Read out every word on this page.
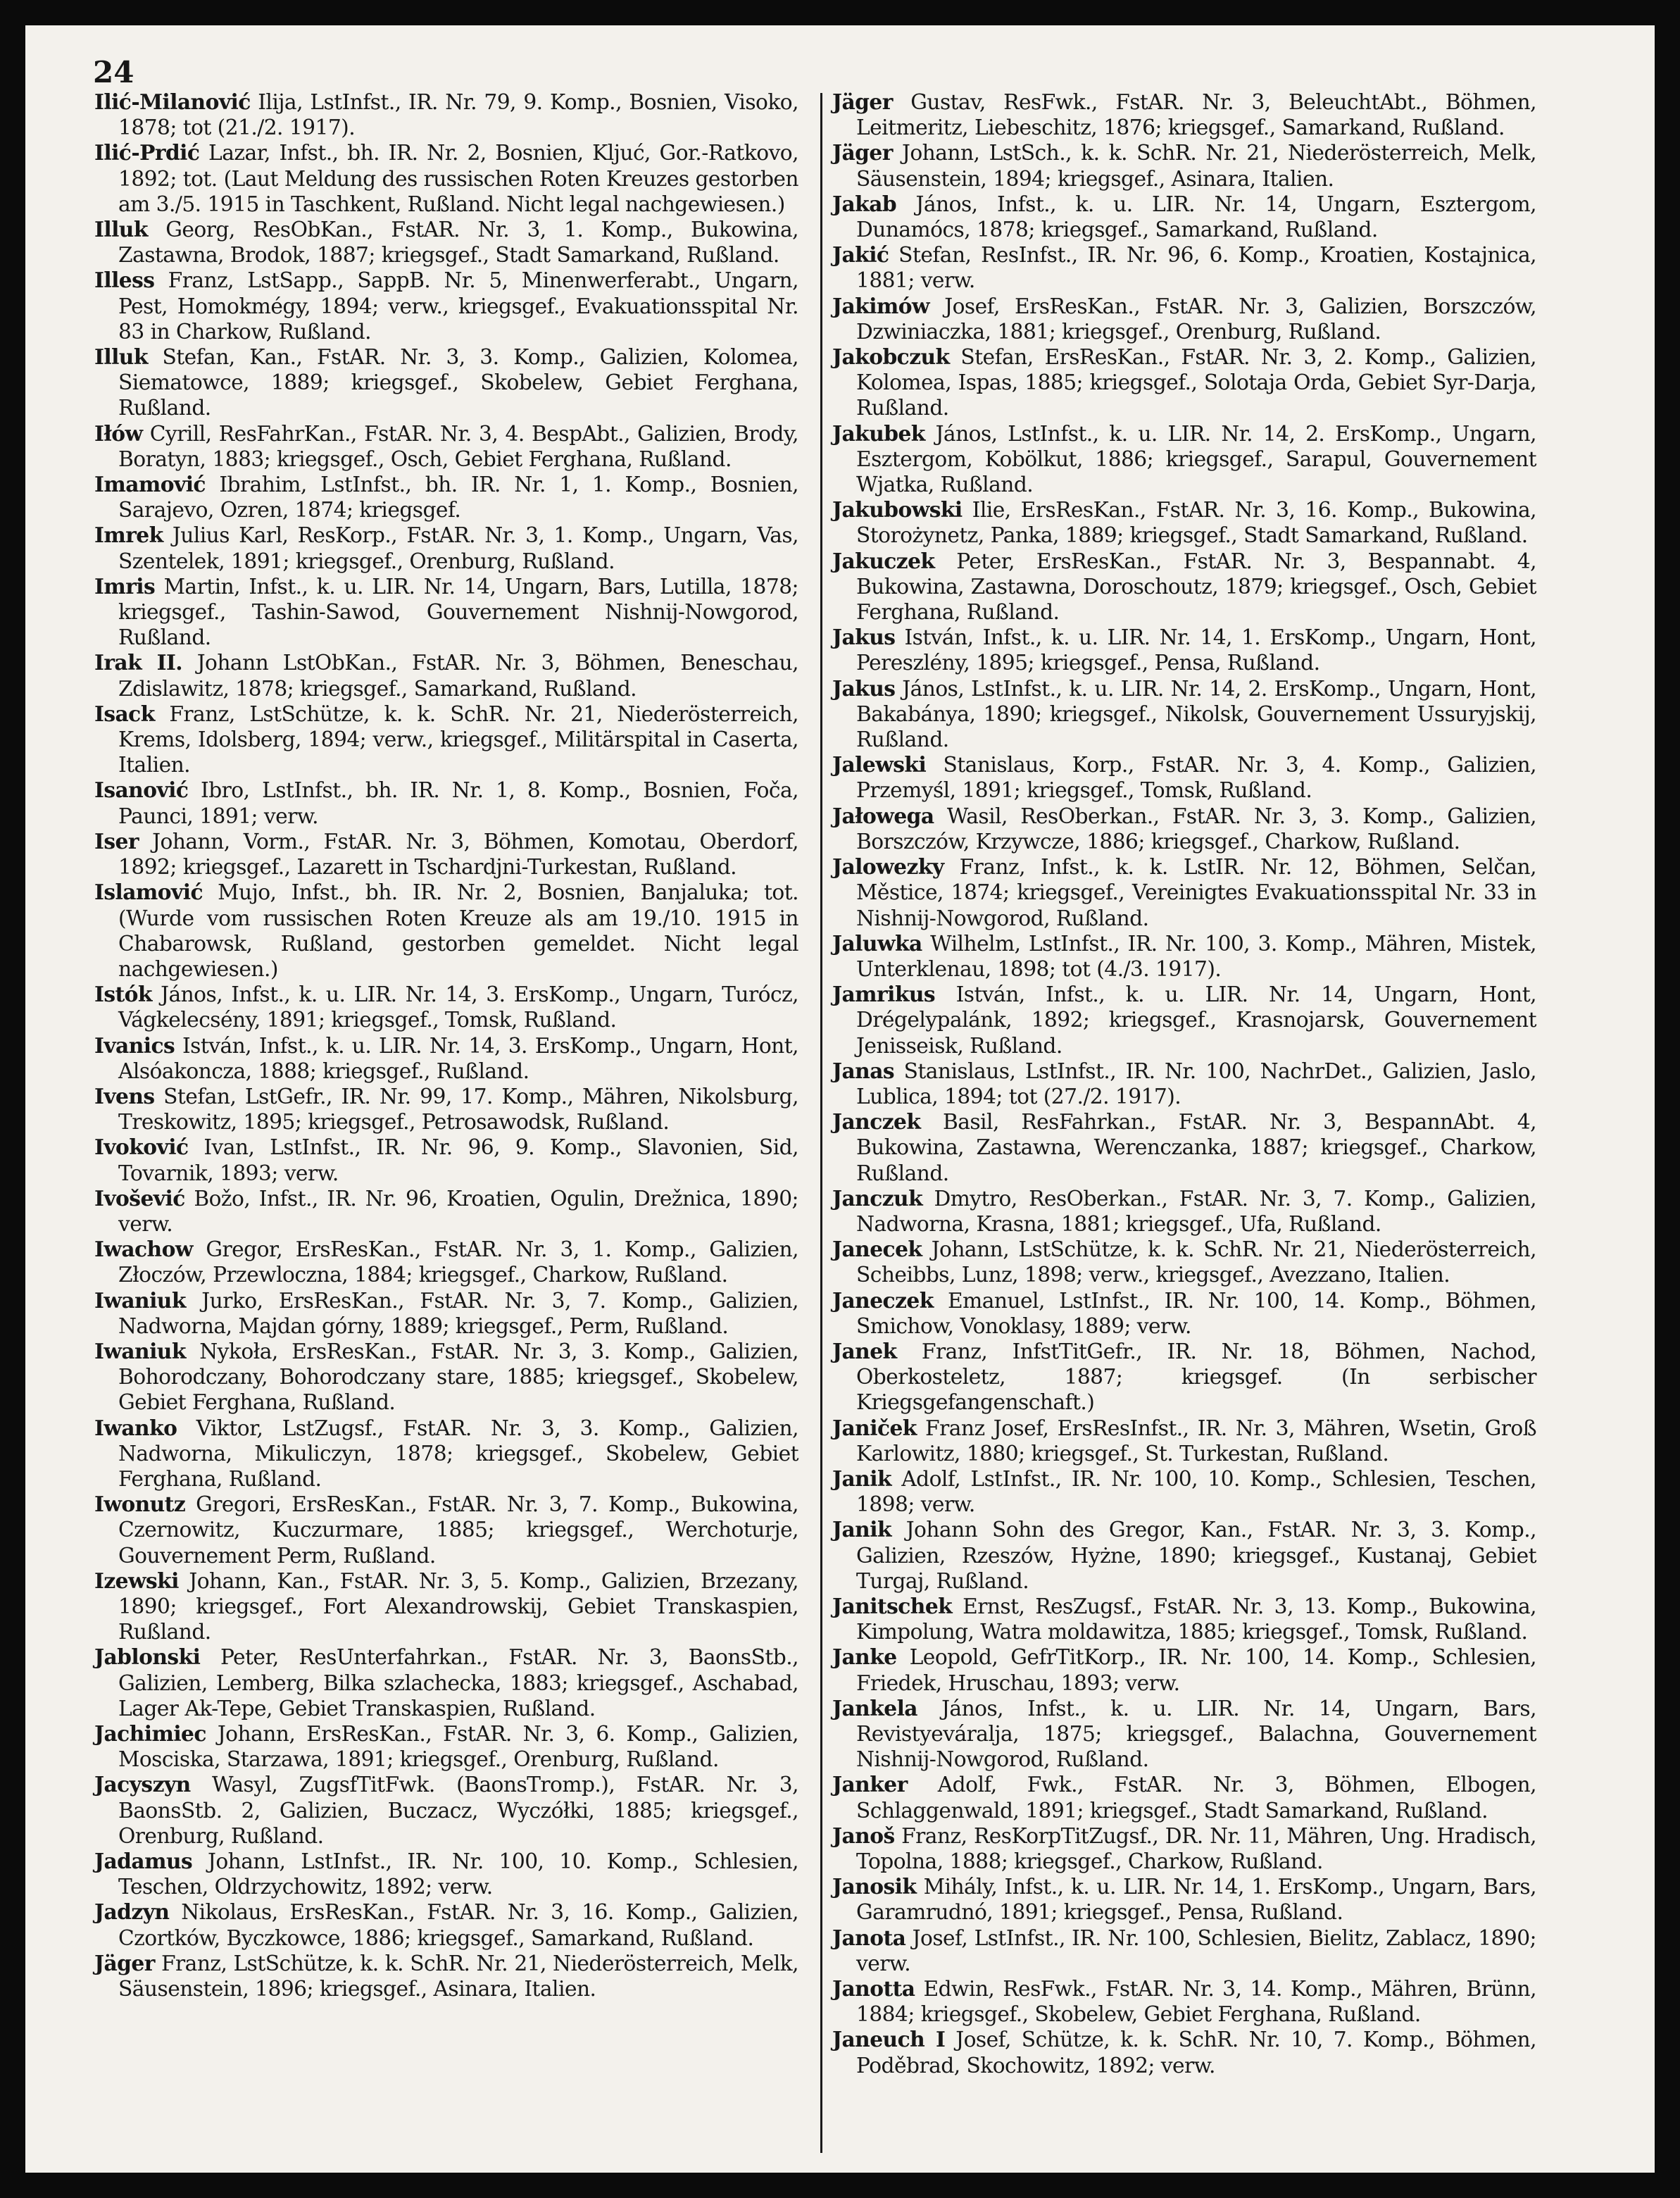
24

Ilić-Milanović Ilija, LstInfst., IR. Nr. 79, 9. Komp., Bosnien, Visoko, 1878; tot (21./2. 1917).

Ilić-Prdić Lazar, Infst., bh. IR. Nr. 2, Bosnien, Kljuć, Gor.-Ratkovo, 1892; tot. (Laut Meldung des russischen Roten Kreuzes gestorben am 3./5. 1915 in Taschkent, Rußland. Nicht legal nachgewiesen.)

Illuk Georg, ResObKan., FstAR. Nr. 3, 1. Komp., Bukowina, Zastawna, Brodok, 1887; kriegsgef., Stadt Samarkand, Rußland.

Illess Franz, LstSapp., SappB. Nr. 5, Minenwerferabt., Ungarn, Pest, Homokmégy, 1894; verw., kriegsgef., Evakuationsspital Nr. 83 in Charkow, Rußland.

Illuk Stefan, Kan., FstAR. Nr. 3, 3. Komp., Galizien, Kolomea, Siematowce, 1889; kriegsgef., Skobelew, Gebiet Ferghana, Rußland.

Iłów Cyrill, ResFahrKan., FstAR. Nr. 3, 4. BespAbt., Galizien, Brody, Boratyn, 1883; kriegsgef., Osch, Gebiet Ferghana, Rußland.

Imamović Ibrahim, LstInfst., bh. IR. Nr. 1, 1. Komp., Bosnien, Sarajevo, Ozren, 1874; kriegsgef.

Imrek Julius Karl, ResKorp., FstAR. Nr. 3, 1. Komp., Ungarn, Vas, Szentelek, 1891; kriegsgef., Orenburg, Rußland.

Imris Martin, Infst., k. u. LIR. Nr. 14, Ungarn, Bars, Lutilla, 1878; kriegsgef., Tashin-Sawod, Gouvernement Nishnij-Nowgorod, Rußland.

Irak II. Johann LstObKan., FstAR. Nr. 3, Böhmen, Beneschau, Zdislawitz, 1878; kriegsgef., Samarkand, Rußland.

Isack Franz, LstSchütze, k. k. SchR. Nr. 21, Niederösterreich, Krems, Idolsberg, 1894; verw., kriegsgef., Militärspital in Caserta, Italien.

Isanović Ibro, LstInfst., bh. IR. Nr. 1, 8. Komp., Bosnien, Foča, Paunci, 1891; verw.

Iser Johann, Vorm., FstAR. Nr. 3, Böhmen, Komotau, Oberdorf, 1892; kriegsgef., Lazarett in Tschardjni-Turkestan, Rußland.

Islamović Mujo, Infst., bh. IR. Nr. 2, Bosnien, Banjaluka; tot. (Wurde vom russischen Roten Kreuze als am 19./10. 1915 in Chabarowsk, Rußland, gestorben gemeldet. Nicht legal nachgewiesen.)

Istók János, Infst., k. u. LIR. Nr. 14, 3. ErsKomp., Ungarn, Turócz, Vágkelecsény, 1891; kriegsgef., Tomsk, Rußland.

Ivanics István, Infst., k. u. LIR. Nr. 14, 3. ErsKomp., Ungarn, Hont, Alsóakoncza, 1888; kriegsgef., Rußland.

Ivens Stefan, LstGefr., IR. Nr. 99, 17. Komp., Mähren, Nikolsburg, Treskowitz, 1895; kriegsgef., Petrosawodsk, Rußland.

Ivoković Ivan, LstInfst., IR. Nr. 96, 9. Komp., Slavonien, Sid, Tovarnik, 1893; verw.

Ivošević Božo, Infst., IR. Nr. 96, Kroatien, Ogulin, Drežnica, 1890; verw.

Iwachow Gregor, ErsResKan., FstAR. Nr. 3, 1. Komp., Galizien, Złoczów, Przewloczna, 1884; kriegsgef., Charkow, Rußland.

Iwaniuk Jurko, ErsResKan., FstAR. Nr. 3, 7. Komp., Galizien, Nadworna, Majdan górny, 1889; kriegsgef., Perm, Rußland.

Iwaniuk Nykoła, ErsResKan., FstAR. Nr. 3, 3. Komp., Galizien, Bohorodczany, Bohorodczany stare, 1885; kriegsgef., Skobelew, Gebiet Ferghana, Rußland.

Iwanko Viktor, LstZugsf., FstAR. Nr. 3, 3. Komp., Galizien, Nadworna, Mikuliczyn, 1878; kriegsgef., Skobelew, Gebiet Ferghana, Rußland.

Iwonutz Gregori, ErsResKan., FstAR. Nr. 3, 7. Komp., Bukowina, Czernowitz, Kuczurmare, 1885; kriegsgef., Werchoturje, Gouvernement Perm, Rußland.

Izewski Johann, Kan., FstAR. Nr. 3, 5. Komp., Galizien, Brzezany, 1890; kriegsgef., Fort Alexandrowskij, Gebiet Transkaspien, Rußland.

Jablonski Peter, ResUnterfahrkan., FstAR. Nr. 3, BaonsStb., Galizien, Lemberg, Bilka szlachecka, 1883; kriegsgef., Aschabad, Lager Ak-Tepe, Gebiet Transkaspien, Rußland.

Jachimiec Johann, ErsResKan., FstAR. Nr. 3, 6. Komp., Galizien, Mosciska, Starzawa, 1891; kriegsgef., Orenburg, Rußland.

Jacyszyn Wasyl, ZugsfTitFwk. (BaonsTromp.), FstAR. Nr. 3, BaonsStb. 2, Galizien, Buczacz, Wyczółki, 1885; kriegsgef., Orenburg, Rußland.

Jadamus Johann, LstInfst., IR. Nr. 100, 10. Komp., Schlesien, Teschen, Oldrzychowitz, 1892; verw.

Jadzyn Nikolaus, ErsResKan., FstAR. Nr. 3, 16. Komp., Galizien, Czortków, Byczkowce, 1886; kriegsgef., Samarkand, Rußland.

Jäger Franz, LstSchütze, k. k. SchR. Nr. 21, Niederösterreich, Melk, Säusenstein, 1896; kriegsgef., Asinara, Italien.

Jäger Gustav, ResFwk., FstAR. Nr. 3, BeleuchtAbt., Böhmen, Leitmeritz, Liebeschitz, 1876; kriegsgef., Samarkand, Rußland.

Jäger Johann, LstSch., k. k. SchR. Nr. 21, Niederösterreich, Melk, Säusenstein, 1894; kriegsgef., Asinara, Italien.

Jakab János, Infst., k. u. LIR. Nr. 14, Ungarn, Esztergom, Dunamócs, 1878; kriegsgef., Samarkand, Rußland.

Jakić Stefan, ResInfst., IR. Nr. 96, 6. Komp., Kroatien, Kostajnica, 1881; verw.

Jakimów Josef, ErsResKan., FstAR. Nr. 3, Galizien, Borszczów, Dzwiniaczka, 1881; kriegsgef., Orenburg, Rußland.

Jakobczuk Stefan, ErsResKan., FstAR. Nr. 3, 2. Komp., Galizien, Kolomea, Ispas, 1885; kriegsgef., Solotaja Orda, Gebiet Syr-Darja, Rußland.

Jakubek János, LstInfst., k. u. LIR. Nr. 14, 2. ErsKomp., Ungarn, Esztergom, Kobölkut, 1886; kriegsgef., Sarapul, Gouvernement Wjatka, Rußland.

Jakubowski Ilie, ErsResKan., FstAR. Nr. 3, 16. Komp., Bukowina, Storożynetz, Panka, 1889; kriegsgef., Stadt Samarkand, Rußland.

Jakuczek Peter, ErsResKan., FstAR. Nr. 3, Bespannabt. 4, Bukowina, Zastawna, Doroschoutz, 1879; kriegsgef., Osch, Gebiet Ferghana, Rußland.

Jakus István, Infst., k. u. LIR. Nr. 14, 1. ErsKomp., Ungarn, Hont, Pereszlény, 1895; kriegsgef., Pensa, Rußland.

Jakus János, LstInfst., k. u. LIR. Nr. 14, 2. ErsKomp., Ungarn, Hont, Bakabánya, 1890; kriegsgef., Nikolsk, Gouvernement Ussuryjskij, Rußland.

Jalewski Stanislaus, Korp., FstAR. Nr. 3, 4. Komp., Galizien, Przemyśl, 1891; kriegsgef., Tomsk, Rußland.

Jałowega Wasil, ResOberkan., FstAR. Nr. 3, 3. Komp., Galizien, Borszczów, Krzywcze, 1886; kriegsgef., Charkow, Rußland.

Jalowezky Franz, Infst., k. k. LstIR. Nr. 12, Böhmen, Selčan, Městice, 1874; kriegsgef., Vereinigtes Evakuationsspital Nr. 33 in Nishnij-Nowgorod, Rußland.

Jaluwka Wilhelm, LstInfst., IR. Nr. 100, 3. Komp., Mähren, Mistek, Unterklenau, 1898; tot (4./3. 1917).

Jamrikus István, Infst., k. u. LIR. Nr. 14, Ungarn, Hont, Drégelypalánk, 1892; kriegsgef., Krasnojarsk, Gouvernement Jenisseisk, Rußland.

Janas Stanislaus, LstInfst., IR. Nr. 100, NachrDet., Galizien, Jaslo, Lublica, 1894; tot (27./2. 1917).

Janczek Basil, ResFahrkan., FstAR. Nr. 3, BespannAbt. 4, Bukowina, Zastawna, Werenczanka, 1887; kriegsgef., Charkow, Rußland.

Janczuk Dmytro, ResOberkan., FstAR. Nr. 3, 7. Komp., Galizien, Nadworna, Krasna, 1881; kriegsgef., Ufa, Rußland.

Janecek Johann, LstSchütze, k. k. SchR. Nr. 21, Niederösterreich, Scheibbs, Lunz, 1898; verw., kriegsgef., Avezzano, Italien.

Janeczek Emanuel, LstInfst., IR. Nr. 100, 14. Komp., Böhmen, Smichow, Vonoklasy, 1889; verw.

Janek Franz, InfstTitGefr., IR. Nr. 18, Böhmen, Nachod, Oberkosteletz, 1887; kriegsgef. (In serbischer Kriegsgefangenschaft.)

Janiček Franz Josef, ErsResInfst., IR. Nr. 3, Mähren, Wsetin, Groß Karlowitz, 1880; kriegsgef., St. Turkestan, Rußland.

Janik Adolf, LstInfst., IR. Nr. 100, 10. Komp., Schlesien, Teschen, 1898; verw.

Janik Johann Sohn des Gregor, Kan., FstAR. Nr. 3, 3. Komp., Galizien, Rzeszów, Hyżne, 1890; kriegsgef., Kustanaj, Gebiet Turgaj, Rußland.

Janitschek Ernst, ResZugsf., FstAR. Nr. 3, 13. Komp., Bukowina, Kimpolung, Watra moldawitza, 1885; kriegsgef., Tomsk, Rußland.

Janke Leopold, GefrTitKorp., IR. Nr. 100, 14. Komp., Schlesien, Friedek, Hruschau, 1893; verw.

Jankela János, Infst., k. u. LIR. Nr. 14, Ungarn, Bars, Revistyeváralja, 1875; kriegsgef., Balachna, Gouvernement Nishnij-Nowgorod, Rußland.

Janker Adolf, Fwk., FstAR. Nr. 3, Böhmen, Elbogen, Schlaggenwald, 1891; kriegsgef., Stadt Samarkand, Rußland.

Janoš Franz, ResKorpTitZugsf., DR. Nr. 11, Mähren, Ung. Hradisch, Topolna, 1888; kriegsgef., Charkow, Rußland.

Janosik Mihály, Infst., k. u. LIR. Nr. 14, 1. ErsKomp., Ungarn, Bars, Garamrudnó, 1891; kriegsgef., Pensa, Rußland.

Janota Josef, LstInfst., IR. Nr. 100, Schlesien, Bielitz, Zablacz, 1890; verw.

Janotta Edwin, ResFwk., FstAR. Nr. 3, 14. Komp., Mähren, Brünn, 1884; kriegsgef., Skobelew, Gebiet Ferghana, Rußland.

Janeuch I Josef, Schütze, k. k. SchR. Nr. 10, 7. Komp., Böhmen, Poděbrad, Skochowitz, 1892; verw.
